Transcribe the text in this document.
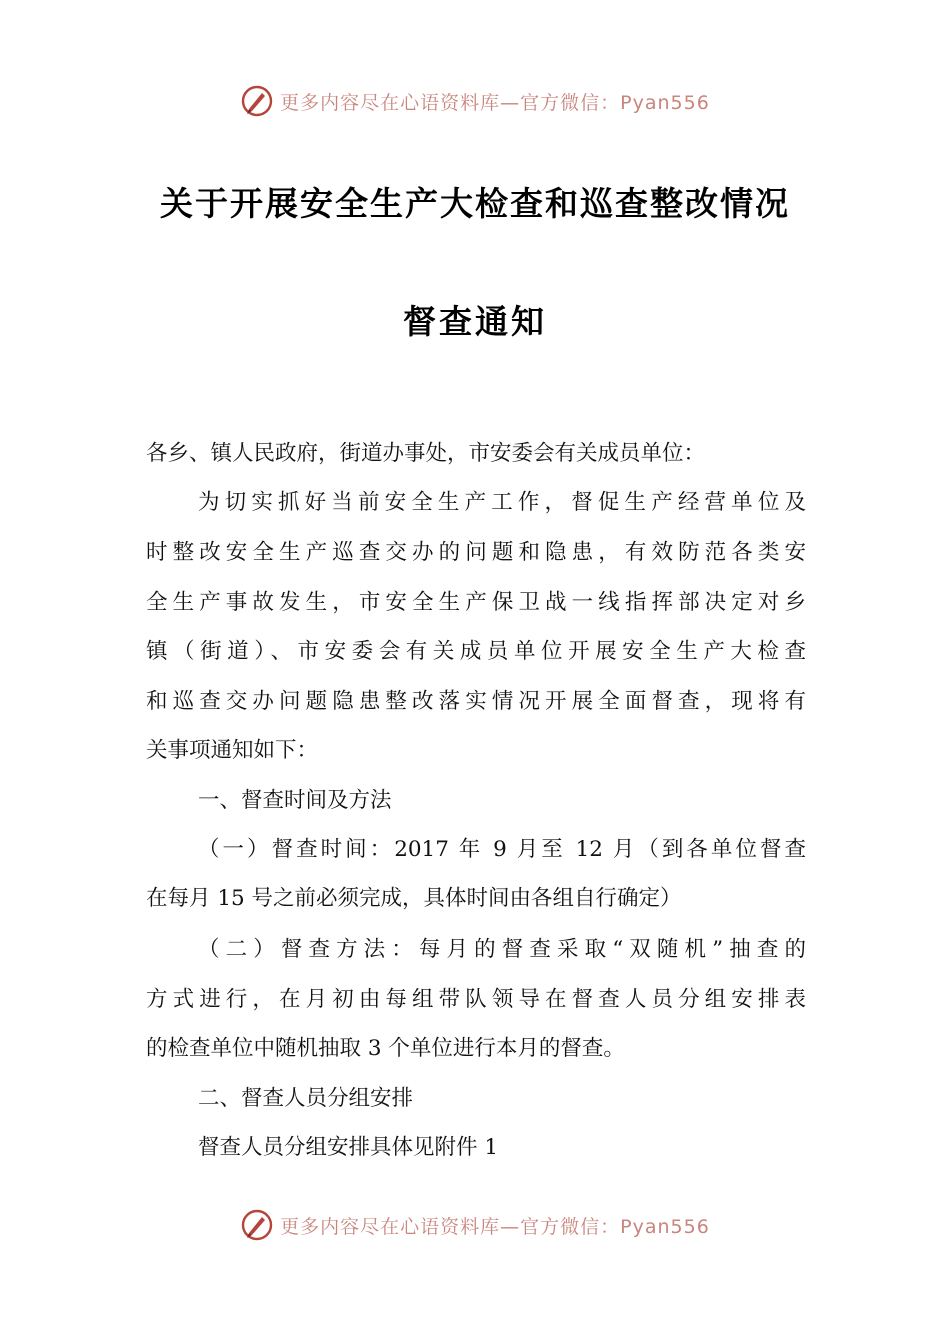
更多内容尽在心语资料库—官方微信：Pyan556
关于开展安全生产大检查和巡查整改情况
督查通知
各乡、镇人民政府，街道办事处，市安委会有关成员单位：
为切实抓好当前安全生产工作，督促生产经营单位及
时整改安全生产巡查交办的问题和隐患，有效防范各类安
全生产事故发生，市安全生产保卫战一线指挥部决定对乡
镇（街道）、市安委会有关成员单位开展安全生产大检查
和巡查交办问题隐患整改落实情况开展全面督查，现将有
关事项通知如下：
一、督查时间及方法
（一）督查时间：2017 年 9 月至 12 月（到各单位督查
在每月 15 号之前必须完成，具体时间由各组自行确定）
（二）督查方法：每月的督查采取“双随机”抽查的
方式进行，在月初由每组带队领导在督查人员分组安排表
的检查单位中随机抽取 3 个单位进行本月的督查。
二、督查人员分组安排
督查人员分组安排具体见附件 1
更多内容尽在心语资料库—官方微信：Pyan556
